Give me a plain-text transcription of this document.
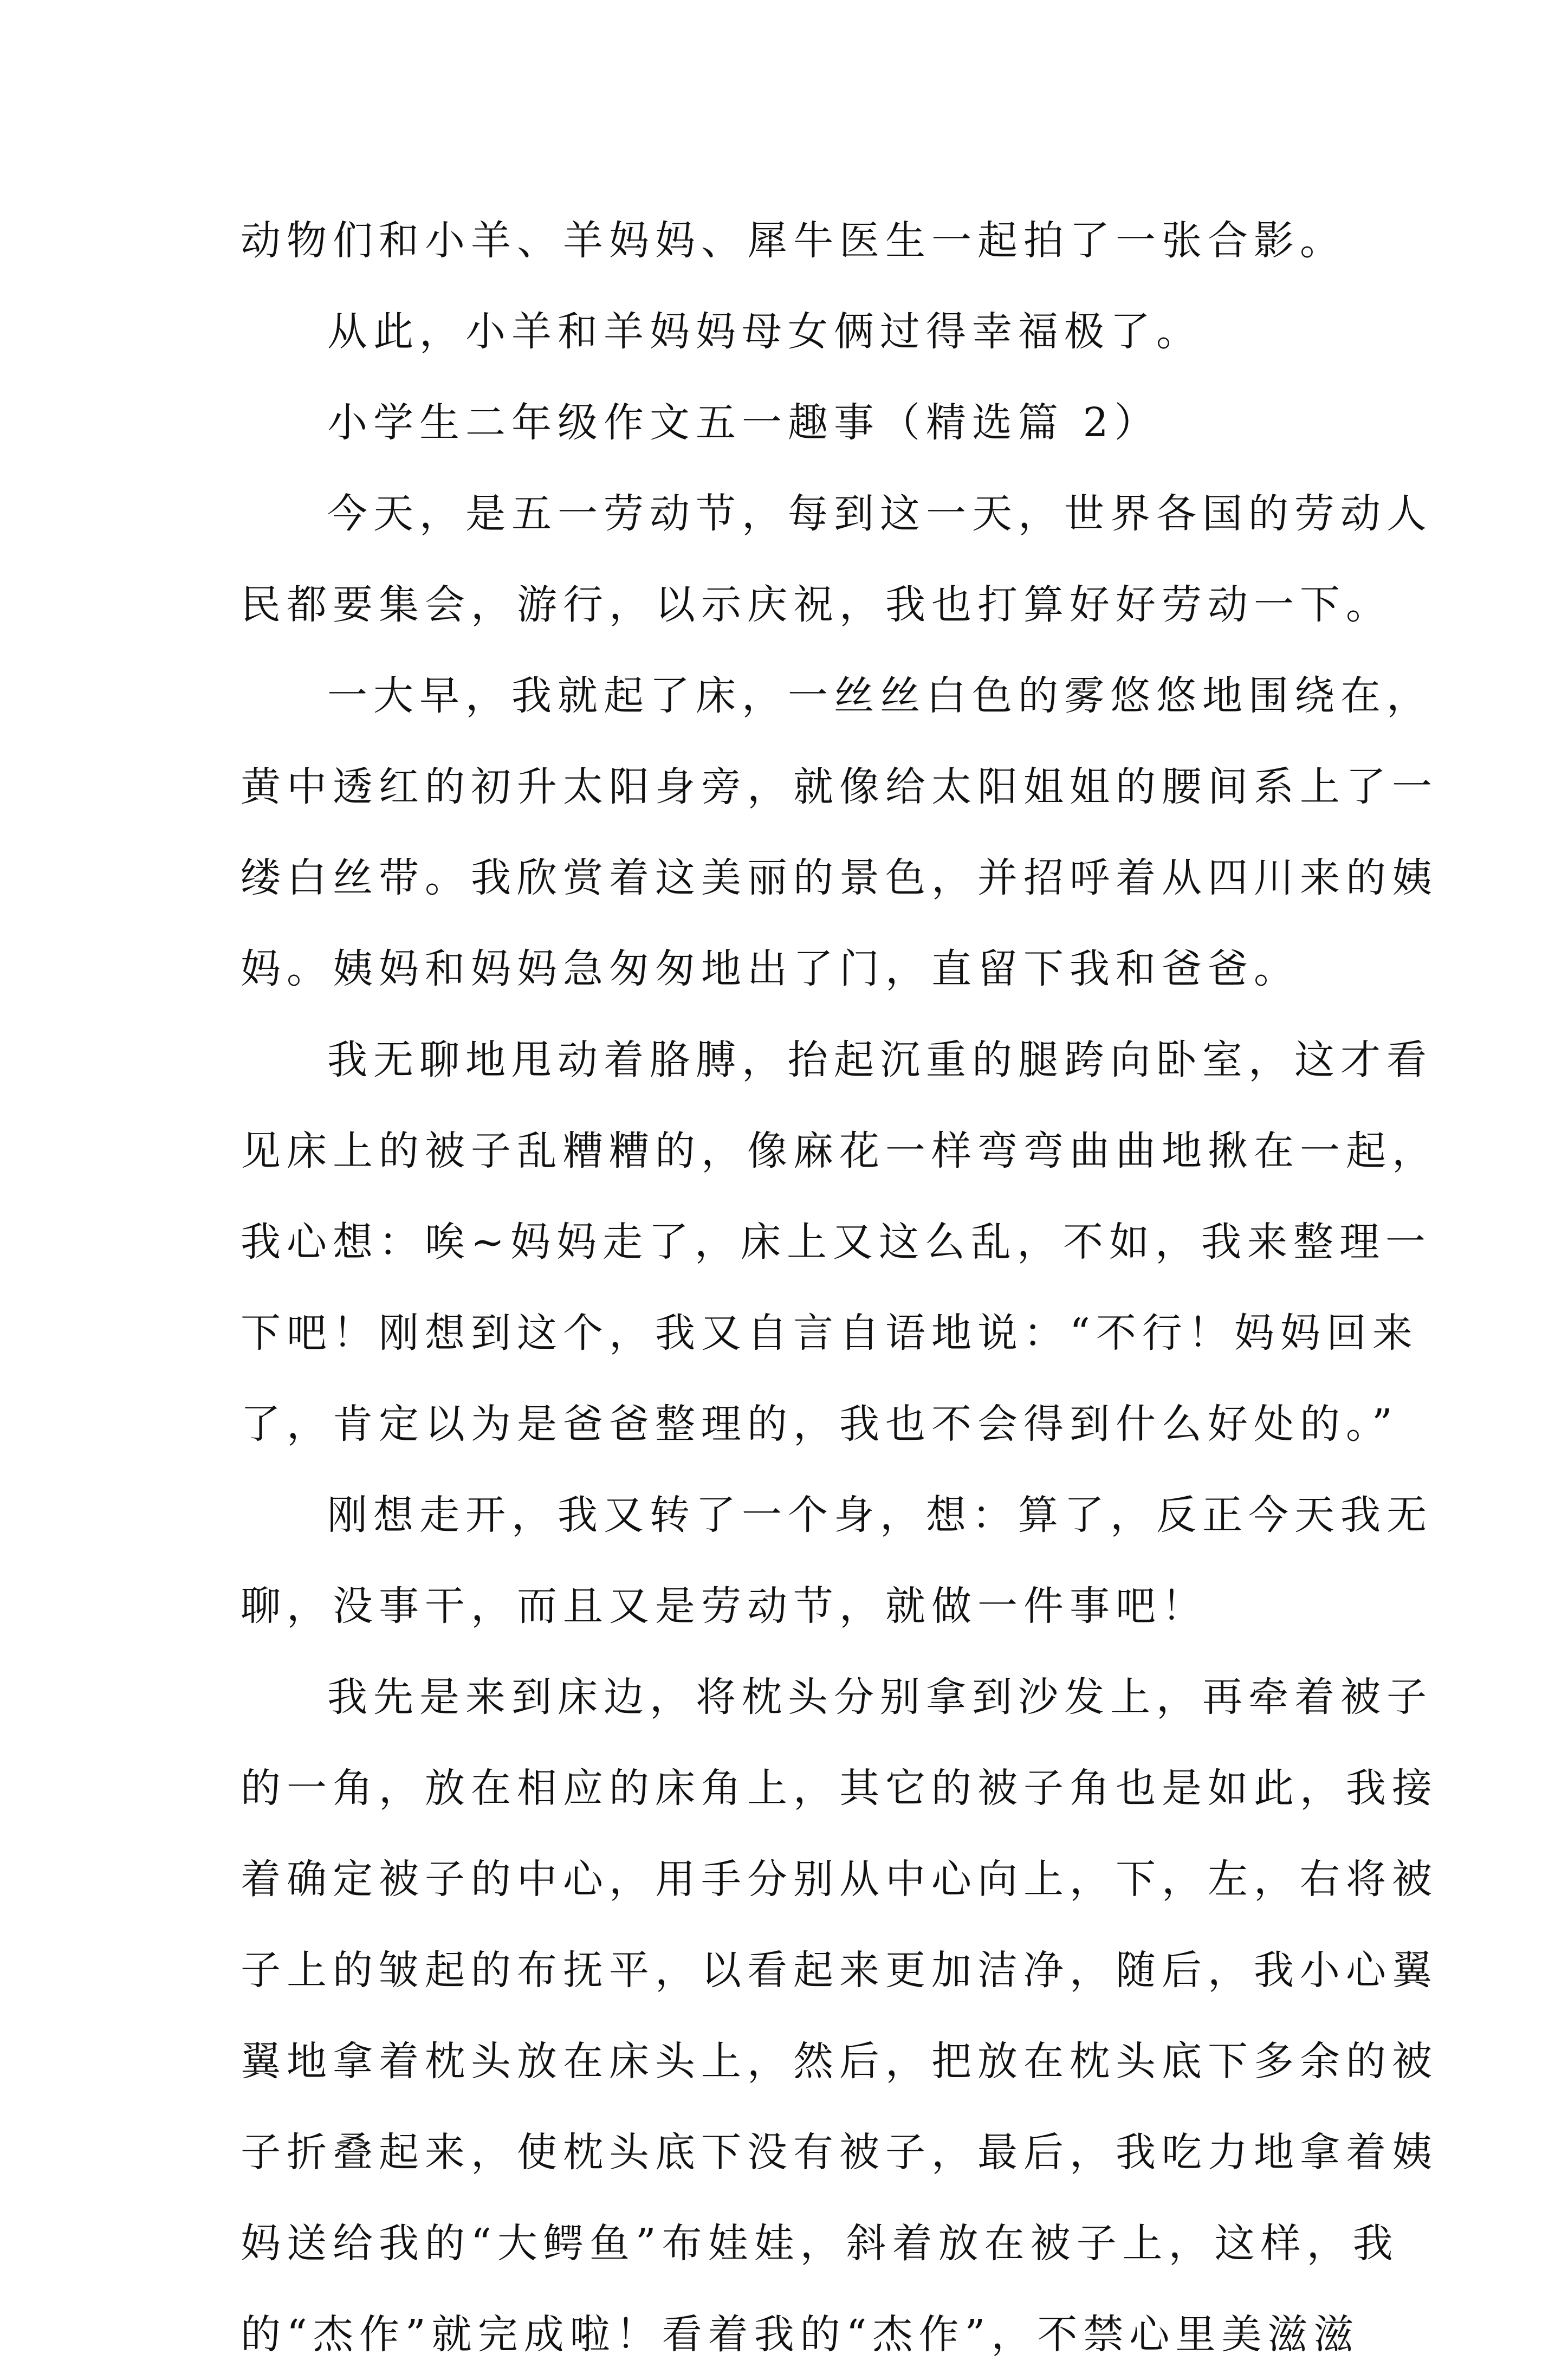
动物们和小羊、羊妈妈、犀牛医生一起拍了一张合影。
从此，小羊和羊妈妈母女俩过得幸福极了。
小学生二年级作文五一趣事（精选篇 2）
今天，是五一劳动节，每到这一天，世界各国的劳动人
民都要集会，游行，以示庆祝，我也打算好好劳动一下。
一大早，我就起了床，一丝丝白色的雾悠悠地围绕在，
黄中透红的初升太阳身旁，就像给太阳姐姐的腰间系上了一
缕白丝带。我欣赏着这美丽的景色，并招呼着从四川来的姨
妈。姨妈和妈妈急匆匆地出了门，直留下我和爸爸。
我无聊地甩动着胳膊，抬起沉重的腿跨向卧室，这才看
见床上的被子乱糟糟的，像麻花一样弯弯曲曲地揪在一起，
我心想：唉~妈妈走了，床上又这么乱，不如，我来整理一
下吧！刚想到这个，我又自言自语地说：“不行！妈妈回来
了，肯定以为是爸爸整理的，我也不会得到什么好处的。”
刚想走开，我又转了一个身，想：算了，反正今天我无
聊，没事干，而且又是劳动节，就做一件事吧！
我先是来到床边，将枕头分别拿到沙发上，再牵着被子
的一角，放在相应的床角上，其它的被子角也是如此，我接
着确定被子的中心，用手分别从中心向上，下，左，右将被
子上的皱起的布抚平，以看起来更加洁净，随后，我小心翼
翼地拿着枕头放在床头上，然后，把放在枕头底下多余的被
子折叠起来，使枕头底下没有被子，最后，我吃力地拿着姨
妈送给我的“大鳄鱼”布娃娃，斜着放在被子上，这样，我
的“杰作”就完成啦！看着我的“杰作”，不禁心里美滋滋
